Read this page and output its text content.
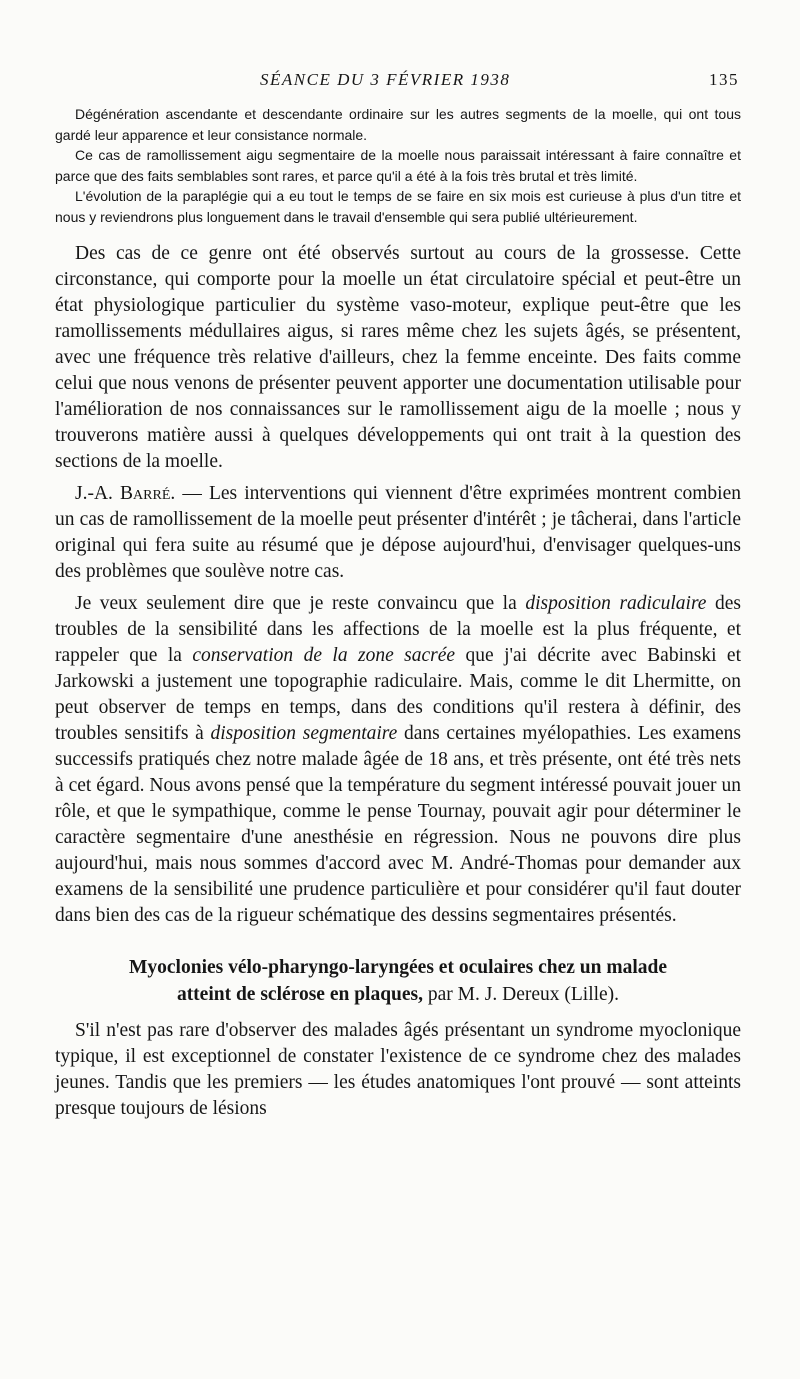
SÉANCE DU 3 FÉVRIER 1938	135

Dégénération ascendante et descendante ordinaire sur les autres segments de la moelle, qui ont tous gardé leur apparence et leur consistance normale.

Ce cas de ramollissement aigu segmentaire de la moelle nous paraissait intéressant à faire connaître et parce que des faits semblables sont rares, et parce qu'il a été à la fois très brutal et très limité.

L'évolution de la paraplégie qui a eu tout le temps de se faire en six mois est curieuse à plus d'un titre et nous y reviendrons plus longuement dans le travail d'ensemble qui sera publié ultérieurement.

Des cas de ce genre ont été observés surtout au cours de la grossesse. Cette circonstance, qui comporte pour la moelle un état circulatoire spécial et peut-être un état physiologique particulier du système vaso-moteur, explique peut-être que les ramollissements médullaires aigus, si rares même chez les sujets âgés, se présentent, avec une fréquence très relative d'ailleurs, chez la femme enceinte. Des faits comme celui que nous venons de présenter peuvent apporter une documentation utilisable pour l'amélioration de nos connaissances sur le ramollissement aigu de la moelle ; nous y trouverons matière aussi à quelques développements qui ont trait à la question des sections de la moelle.

J.-A. Barré. — Les interventions qui viennent d'être exprimées montrent combien un cas de ramollissement de la moelle peut présenter d'intérêt ; je tâcherai, dans l'article original qui fera suite au résumé que je dépose aujourd'hui, d'envisager quelques-uns des problèmes que soulève notre cas.

Je veux seulement dire que je reste convaincu que la disposition radiculaire des troubles de la sensibilité dans les affections de la moelle est la plus fréquente, et rappeler que la conservation de la zone sacrée que j'ai décrite avec Babinski et Jarkowski a justement une topographie radiculaire. Mais, comme le dit Lhermitte, on peut observer de temps en temps, dans des conditions qu'il restera à définir, des troubles sensitifs à disposition segmentaire dans certaines myélopathies. Les examens successifs pratiqués chez notre malade âgée de 18 ans, et très présente, ont été très nets à cet égard. Nous avons pensé que la température du segment intéressé pouvait jouer un rôle, et que le sympathique, comme le pense Tournay, pouvait agir pour déterminer le caractère segmentaire d'une anesthésie en régression. Nous ne pouvons dire plus aujourd'hui, mais nous sommes d'accord avec M. André-Thomas pour demander aux examens de la sensibilité une prudence particulière et pour considérer qu'il faut douter dans bien des cas de la rigueur schématique des dessins segmentaires présentés.

Myoclonies vélo-pharyngo-laryngées et oculaires chez un malade
atteint de sclérose en plaques, par M. J. Dereux (Lille).

S'il n'est pas rare d'observer des malades âgés présentant un syndrome myoclonique typique, il est exceptionnel de constater l'existence de ce syndrome chez des malades jeunes. Tandis que les premiers — les études anatomiques l'ont prouvé — sont atteints presque toujours de lésions
